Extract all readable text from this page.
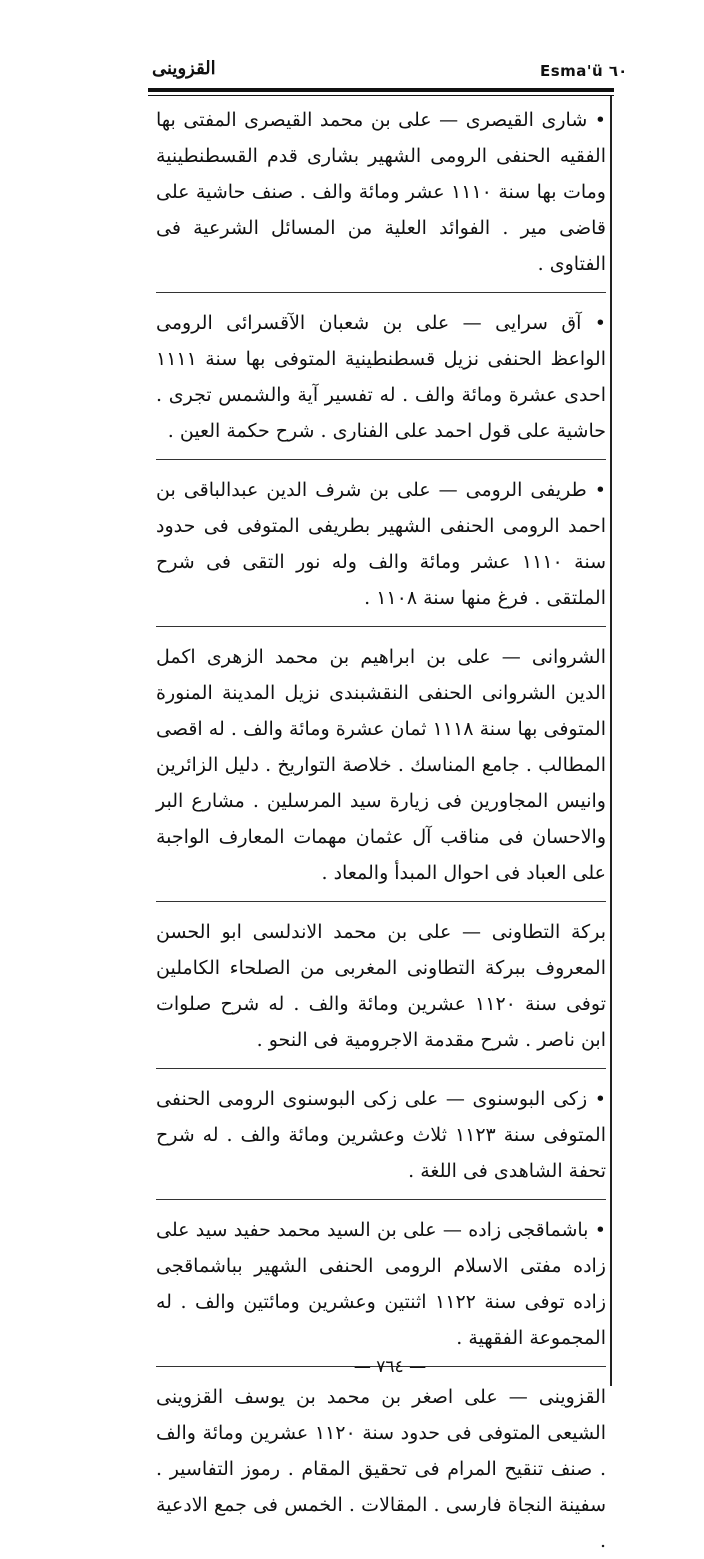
Esma'ü ٦٠
القزوينى

• شارى القيصرى — على بن محمد القيصرى المفتى بها الفقيه الحنفى الرومى الشهير بشارى قدم القسطنطينية ومات بها سنة ١١١٠ عشر ومائة والف . صنف حاشية على قاضى مير . الفوائد العلية من المسائل الشرعية فى الفتاوى .

• آق سرايى — على بن شعبان الآقسرائى الرومى الواعظ الحنفى نزيل قسطنطينية المتوفى بها سنة ١١١١ احدى عشرة ومائة والف . له تفسير آية والشمس تجرى . حاشية على قول احمد على الفنارى . شرح حكمة العين .

• طريفى الرومى — على بن شرف الدين عبدالباقى بن احمد الرومى الحنفى الشهير بطريفى المتوفى فى حدود سنة ١١١٠ عشر ومائة والف وله نور التقى فى شرح الملتقى . فرغ منها سنة ١١٠٨ .

الشروانى — على بن ابراهيم بن محمد الزهرى اكمل الدين الشروانى الحنفى النقشبندى نزيل المدينة المنورة المتوفى بها سنة ١١١٨ ثمان عشرة ومائة والف . له اقصى المطالب . جامع المناسك . خلاصة التواريخ . دليل الزائرين وانيس المجاورين فى زيارة سيد المرسلين . مشارع البر والاحسان فى مناقب آل عثمان مهمات المعارف الواجبة على العباد فى احوال المبدأ والمعاد .

بركة التطاونى — على بن محمد الاندلسى ابو الحسن المعروف ببركة التطاونى المغربى من الصلحاء الكاملين توفى سنة ١١٢٠ عشرين ومائة والف . له شرح صلوات ابن ناصر . شرح مقدمة الاجرومية فى النحو .

• زكى البوسنوى — على زكى البوسنوى الرومى الحنفى المتوفى سنة ١١٢٣ ثلاث وعشرين ومائة والف . له شرح تحفة الشاهدى فى اللغة .

• باشماقجى زاده — على بن السيد محمد حفيد سيد على زاده مفتى الاسلام الرومى الحنفى الشهير بباشماقجى زاده توفى سنة ١١٢٢ اثنتين وعشرين ومائتين والف . له المجموعة الفقهية .

القزوينى — على اصغر بن محمد بن يوسف القزوينى الشيعى المتوفى فى حدود سنة ١١٢٠ عشرين ومائة والف . صنف تنقيح المرام فى تحقيق المقام . رموز التفاسير . سفينة النجاة فارسى . المقالات . الخمس فى جمع الادعية .

— ٧٦٤ —
